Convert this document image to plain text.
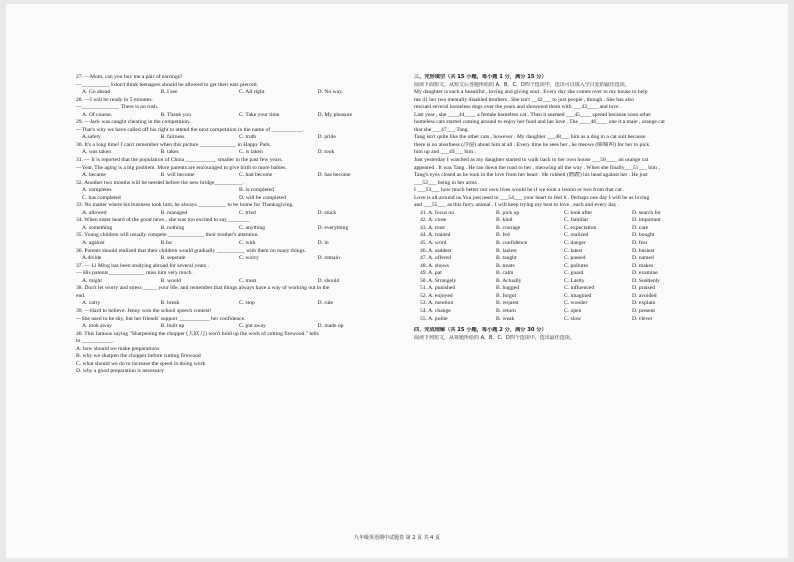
27. —Mom, can you buy me a pair of earrings?
—__________ I don't think teenagers should be allowed to get their ears pierced.
A. Go ahead	B. I see	C. All right.	D. No way.
28. —I will be ready in 5 minutes.
—_____________. There is no rush.
A. Of course.	B. Thank you	C. Take your time.	D. My pleasure
29. —Jack was caught cheating in the competition.
—That's why we have called off his right to attend the next competition in the name of ___________.
A.safety	B. fairness	C. truth	D. pride
30. It's a long time! I can't remember when this picture _____________ in Happy Park.
A. was taken	B. takes	C. is taken	D. took
31. — It is reported that the population of China ___________ smaller in the past few years.
—Year. The aging is a big problem. More parents are encouraged to give birth to more babies.
A. became	B. will become	C. had become	D. has become
32. Another two months will be needed before the new bridge__________.
A. completes	B. is completed
C. has completed	D. will be completed
33. No matter where his business took him, he always __________ to be home for Thanksgiving.
A. allowed	B. managed	C. tried	D. stuck
34. When sister heard of the good news , she was too excited to say________
A. something	B. nothing	C. anything	D. everything
35. Young children will usually compete _____________ their mother's attention.
A. against	B.for	C. with	D. in
36. Parents should realized that their children would gradually __________ with them on many things.
A.divide	B. seperate	C. worry	D. remain
37. — Li Ming has been studying abroad for several years .
— His parents_____________ miss him very much .
A. might	B. would	C. must	D. should
38. Don't let worry and stress _____ your life, and remember that things always have a way of working out in the
end.
A. carry	B. break	C. stop	D. rule
39. —Hard to believe. Jenny won the school speech contest!
—She used to be shy, but her friends' support ___________ her confidence.
A. took away	B. built up	C. put away	D. made up
40. This famous saying "Sharpening the chopper (大砍刀) won't hold up the work of cutting firewood." tells
to ___________.
A. how should we make preparations
B. why we sharpen the chopper before cutting firewood
C. what should we do to increase the speed in doing work
D. why a good preparation is necessary
三、完形填空（共 15 小题，每小题 1 分，满分 15 分）
阅读下面短文，从短文后各题所给的 A、B、C、D四个选项中，选出可以填入空白处的最佳选项。
My daughter is such a beautiful , loving and giving soul . Every day she comes over to my house to help
me 41 her two mentally disabled brothers . She isn't __42___ to just people , though . She has also
rescued several homeless dogs over the years and showered them with ___43____ and love .
Last year , she ____44____ a female homeless cat . Then it seemed ___45____ spread because soon other
homeless cats started coming around to enjoy her food and her love . The ____46____ one it a male , orange cat
that she ___47___ Tang.
Tang isn't quite like the other cats , however . My daughter ___48___ him as a dog in a cat suit because
there is no aloofness (冷漠) about him at all . Every time he sees her , he meows (喵喵叫) for her to pick
him up and ___49___ him .
Just yesterday I watched as my daughter started to walk back to her own house ___50____ an orange cat
appeared . It was Tang . He ran down the road to her , meowing all the way . When she finally___51___ him ,
Tang's eyes closed as he took in the love from her heart . He rubbed (磨蹭) his head against her . He just
___52___ being in her arms .
I ___53___ how much better our own lives would be if we took a lesson or two from that cat .
Love is all around us.You just need to ___54___ your heart to feel it . Perhaps one day I will be as loving
and ___55___ as this furry animal . I will keep trying my best to love , each and every day .
41. A. focus on	B. pick up	C. look after	D. search for
42. A. close	B. kind	C. familiar	D. important
43. A. trust	B. courage	C. expectation	D. care
44. A. trained	B. fed	C. realized	D. bought
45. A. word	B. confidence	C. danger	D. fear
46. A. saddest	B. laziest	C. latest	D. busiest
47. A. offered	B. taught	C. passed	D. named
48. A. shows	B. treats	C. pollutes	D. makes
49. A. pat	B. calm	C. guard	D. examine
50. A. Strangely	B. Actually	C. Lastly	D. Suddenly
51. A. punished	B. hugged	C. influenced	D. praised
52. A. enjoyed	B. forgot	C. imagined	D. avoided
53. A. mention	B. request	C. wonder	D. explain
54. A. change	B. return	C. open	D. present
55. A. polite	B. weak	C. slow	D. clever
四、完成理解（共 15 小题，每小题 2 分，满分 30 分）
阅读下列短文，从每题所给的 A、B、C、D四个选项中，选出最佳选项。
九年级英语期中试题卷 第 2 页 共 4 页
